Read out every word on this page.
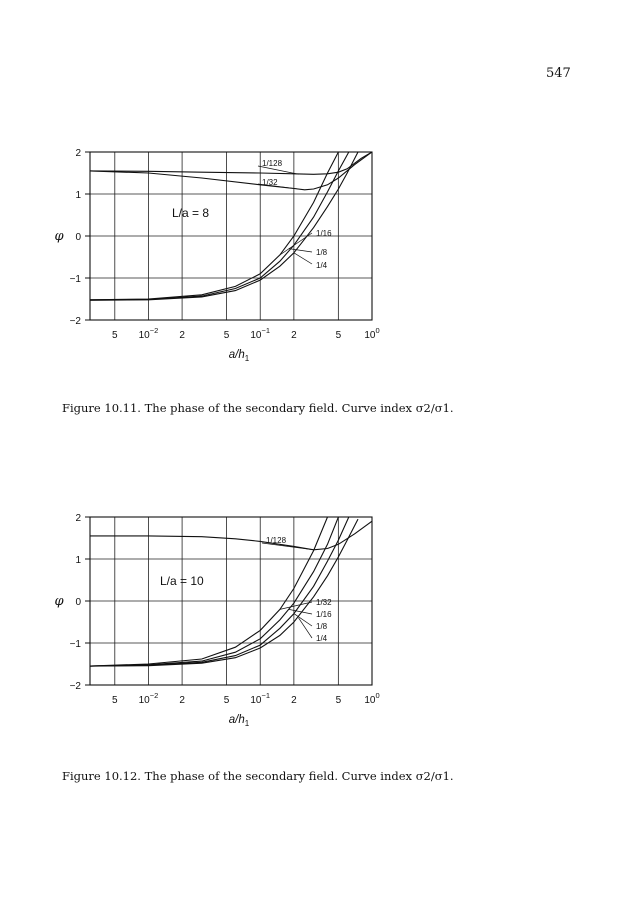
547
2
1
0
−1
−2
5 $10^{-2}$ 2	5 $10^{-1}$ 2	5 $10^0$
$a/h_1$
φ
L/a = 8
1/128
1/32
1/16
1/8
1/4
Figure 10.11. The phase of the secondary field. Curve index σ2/σ1.
2
1
0
−1
−2
5 $10^{-2}$ 2	5 $10^{-1}$ 2	5 $10^0$
$a/h_1$
φ
L/a = 10
1/128
1/32
1/16
1/8
1/4
Figure 10.12. The phase of the secondary field. Curve index σ2/σ1.
